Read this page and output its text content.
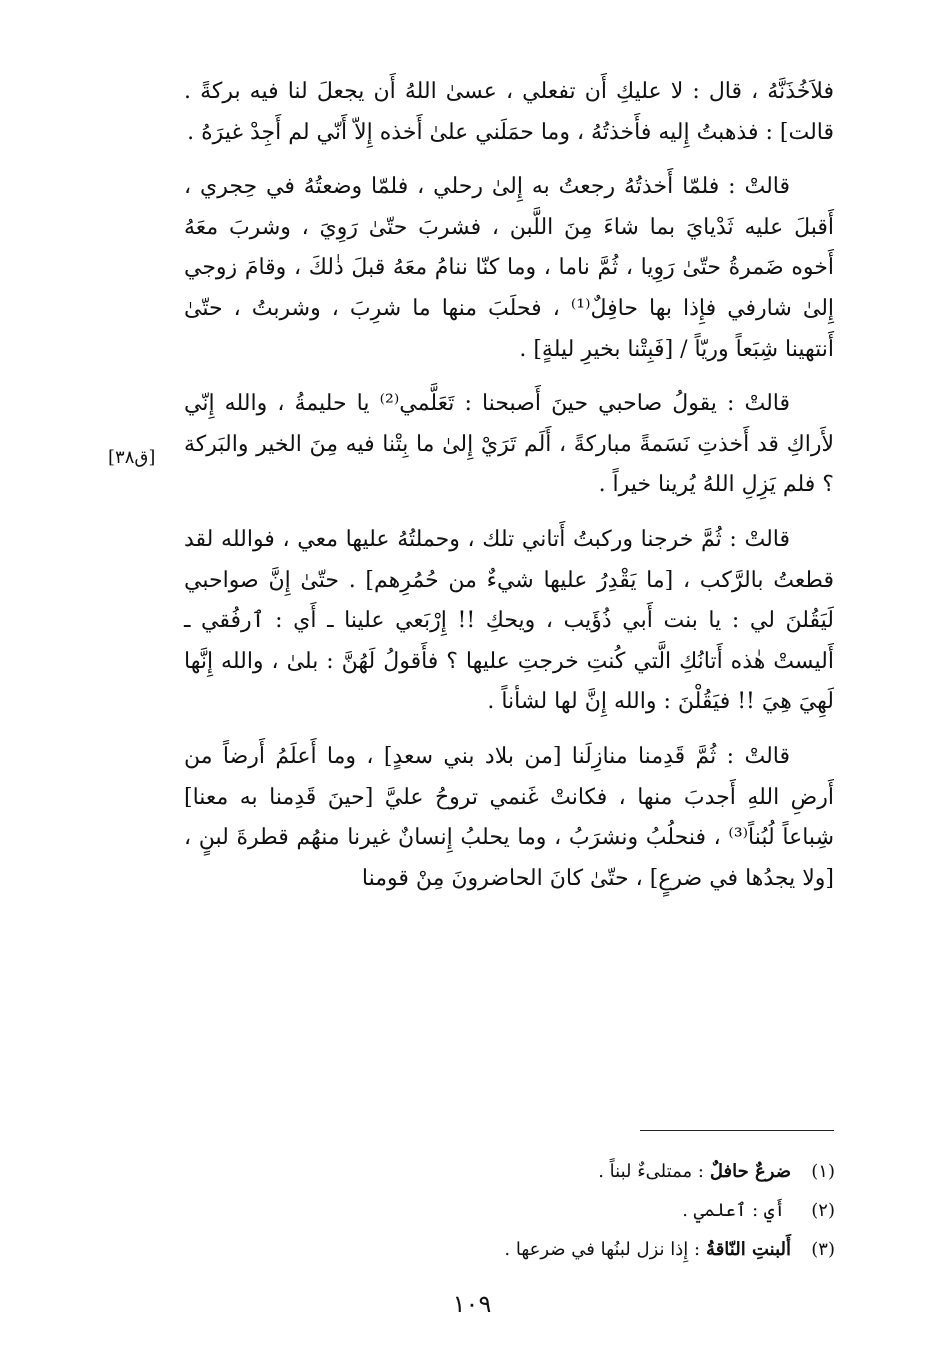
فلاَخُذَنَّهُ ، قال : لا عليكِ أَن تفعلي ، عسىٰ اللهُ أَن يجعلَ لنا فيه بركةً . قالت] : فذهبتُ إِليه فأَخذتُهُ ، وما حمَلَني علىٰ أَخذه إِلاّ أَنّي لم أَجِدْ غيرَهُ .

قالتْ : فلمّا أَخذتُهُ رجعتُ به إِلىٰ رحلي ، فلمّا وضعتُهُ في حِجري ، أَقبلَ عليه ثَدْيايَ بما شاءَ مِنَ اللَّبن ، فشربَ حتّىٰ رَوِيَ ، وشربَ معَهُ أَخوه ضَمرةُ حتّىٰ رَوِيا ، ثُمَّ ناما ، وما كنّا ننامُ معَهُ قبلَ ذٰلكَ ، وقامَ زوجي إِلىٰ شارفي فإِذا بها حافِلٌ⁽¹⁾ ، فحلَبَ منها ما شرِبَ ، وشربتُ ، حتّىٰ أَنتهينا شِبَعاً وريّاً / [فَبِتْنا بخيرِ ليلةٍ] .

قالتْ : يقولُ صاحبي حينَ أَصبحنا : تَعَلَّمي⁽²⁾ يا حليمةُ ، والله إِنّي لأَراكِ قد أَخذتِ نَسَمةً مباركةً ، أَلَم تَرَيْ إِلىٰ ما بِتْنا فيه مِنَ الخير والبَركة ؟ فلم يَزِلِ اللهُ يُرينا خيراً .

قالتْ : ثُمَّ خرجنا وركبتُ أَتاني تلك ، وحملتُهُ عليها معي ، فوالله لقد قطعتُ بالرَّكب ، [ما يَقْدِرُ عليها شيءٌ من حُمُرِهم] . حتّىٰ إِنَّ صواحبي لَيَقُلنَ لي : يا بنت أَبي ذُؤَيب ، ويحكِ !! إِرْبَعي علينا ـ أَي : ٱرفُقي ـ أَليستْ هٰذه أَتانُكِ الَّتي كُنتِ خرجتِ عليها ؟ فأَقولُ لَهُنَّ : بلىٰ ، والله إِنَّها لَهِيَ هِيَ !! فيَقُلْنَ : والله إِنَّ لها لشأناً .

قالتْ : ثُمَّ قَدِمنا منازِلَنا [من بلاد بني سعدٍ] ، وما أَعلَمُ أَرضاً من أَرضِ اللهِ أَجدبَ منها ، فكانتْ غَنمي تروحُ عليَّ [حينَ قَدِمنا به معنا] شِباعاً لُبُناً⁽³⁾ ، فنحلُبُ ونشرَبُ ، وما يحلبُ إِنسانٌ غيرنا منهُم قطرةَ لبنٍ ، [ولا يجدُها في ضرعٍ] ، حتّىٰ كانَ الحاضرونَ مِنْ قومنا

[ق٣٨]
(١)
ضرعٌ حافلٌ
: ممتلىءٌ لبناً .
(٢)
أَي : ٱعلمي .
(٣)
أَلبنتِ النّاقةُ
: إِذا نزل لبنُها في ضرعها .
١٠٩
